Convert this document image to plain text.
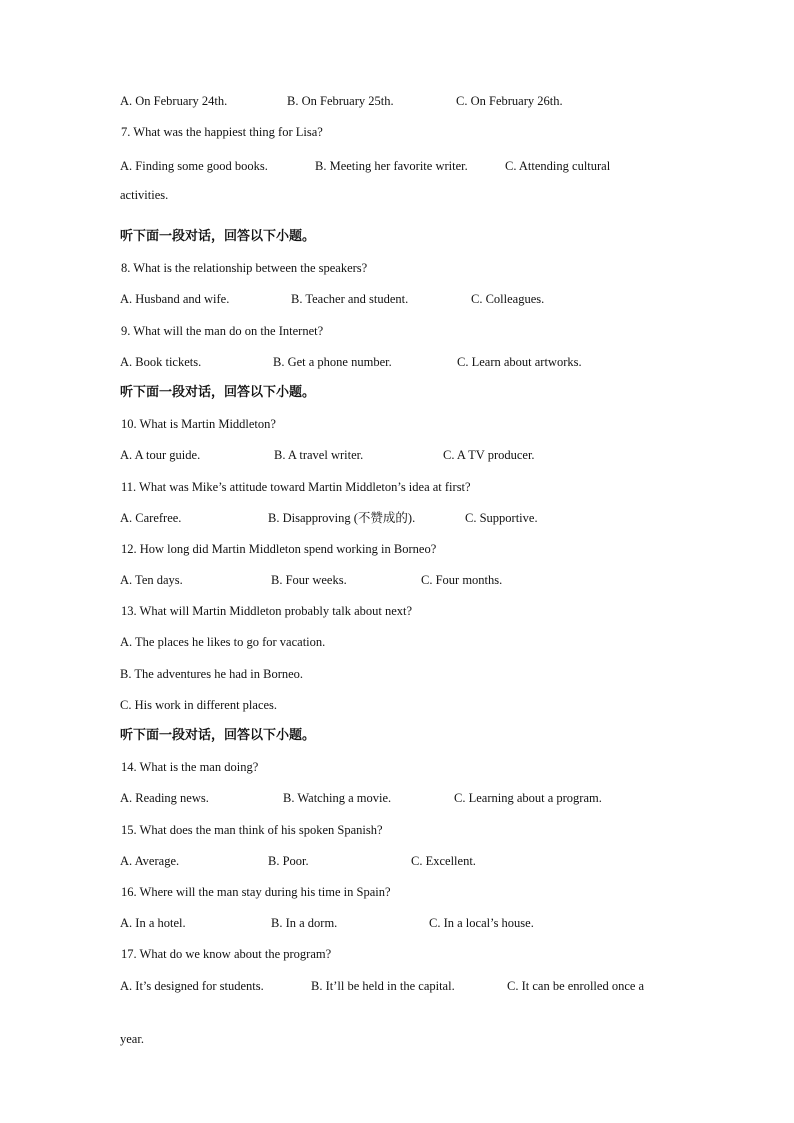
A. On February 24th.	B. On February 25th.	C. On February 26th.
7. What was the happiest thing for Lisa?
A. Finding some good books.	B. Meeting her favorite writer.	C. Attending cultural
activities.
听下面一段对话，回答以下小题。
8. What is the relationship between the speakers?
A. Husband and wife.	B. Teacher and student.	C. Colleagues.
9. What will the man do on the Internet?
A. Book tickets.	B. Get a phone number.	C. Learn about artworks.
听下面一段对话，回答以下小题。
10. What is Martin Middleton?
A. A tour guide.	B. A travel writer.	C. A TV producer.
11. What was Mike’s attitude toward Martin Middleton’s idea at first?
A. Carefree.	B. Disapproving (不赞成的).	C. Supportive.
12. How long did Martin Middleton spend working in Borneo?
A. Ten days.	B. Four weeks.	C. Four months.
13. What will Martin Middleton probably talk about next?
A. The places he likes to go for vacation.
B. The adventures he had in Borneo.
C. His work in different places.
听下面一段对话，回答以下小题。
14. What is the man doing?
A. Reading news.	B. Watching a movie.	C. Learning about a program.
15. What does the man think of his spoken Spanish?
A. Average.	B. Poor.	C. Excellent.
16. Where will the man stay during his time in Spain?
A. In a hotel.	B. In a dorm.	C. In a local’s house.
17. What do we know about the program?
A. It’s designed for students.	B. It’ll be held in the capital.	C. It can be enrolled once a
year.
